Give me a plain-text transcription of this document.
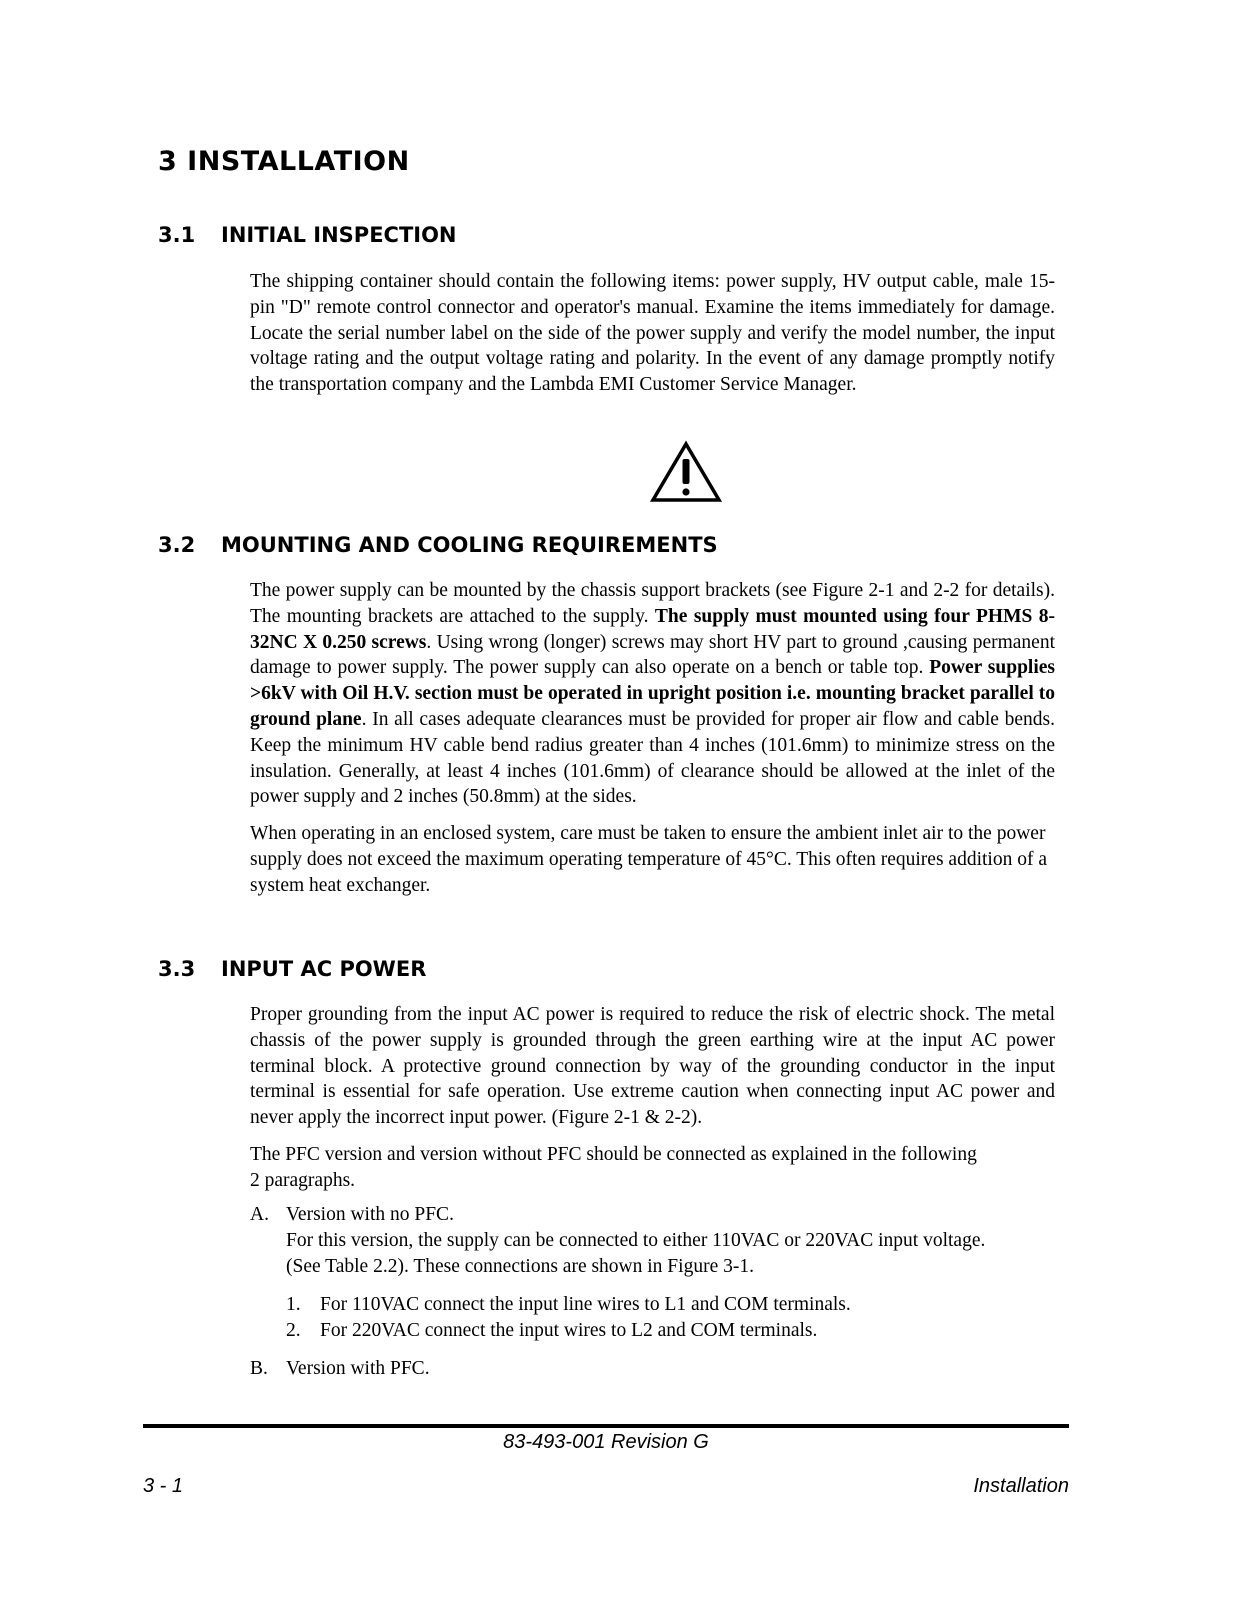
3 INSTALLATION
3.1 INITIAL INSPECTION

The shipping container should contain the following items: power supply, HV output cable, male 15-pin "D" remote control connector and operator's manual. Examine the items immediately for damage. Locate the serial number label on the side of the power supply and verify the model number, the input voltage rating and the output voltage rating and polarity. In the event of any damage promptly notify the transportation company and the Lambda EMI Customer Service Manager.

3.2 MOUNTING AND COOLING REQUIREMENTS

The power supply can be mounted by the chassis support brackets (see Figure 2-1 and 2-2 for details). The mounting brackets are attached to the supply. The supply must mounted using four PHMS 8-32NC X 0.250 screws. Using wrong (longer) screws may short HV part to ground ,causing permanent damage to power supply. The power supply can also operate on a bench or table top. Power supplies >6kV with Oil H.V. section must be operated in upright position i.e. mounting bracket parallel to ground plane. In all cases adequate clearances must be provided for proper air flow and cable bends. Keep the minimum HV cable bend radius greater than 4 inches (101.6mm) to minimize stress on the insulation. Generally, at least 4 inches (101.6mm) of clearance should be allowed at the inlet of the power supply and 2 inches (50.8mm) at the sides.

When operating in an enclosed system, care must be taken to ensure the ambient inlet air to the power supply does not exceed the maximum operating temperature of 45°C. This often requires addition of a system heat exchanger.

3.3 INPUT AC POWER

Proper grounding from the input AC power is required to reduce the risk of electric shock. The metal chassis of the power supply is grounded through the green earthing wire at the input AC power terminal block. A protective ground connection by way of the grounding conductor in the input terminal is essential for safe operation. Use extreme caution when connecting input AC power and never apply the incorrect input power. (Figure 2-1 & 2-2).

The PFC version and version without PFC should be connected as explained in the following 2 paragraphs.

A. Version with no PFC.
For this version, the supply can be connected to either 110VAC or 220VAC input voltage. (See Table 2.2). These connections are shown in Figure 3-1.
1. For 110VAC connect the input line wires to L1 and COM terminals.
2. For 220VAC connect the input wires to L2 and COM terminals.
B. Version with PFC.
83-493-001 Revision G
3 - 1	Installation
